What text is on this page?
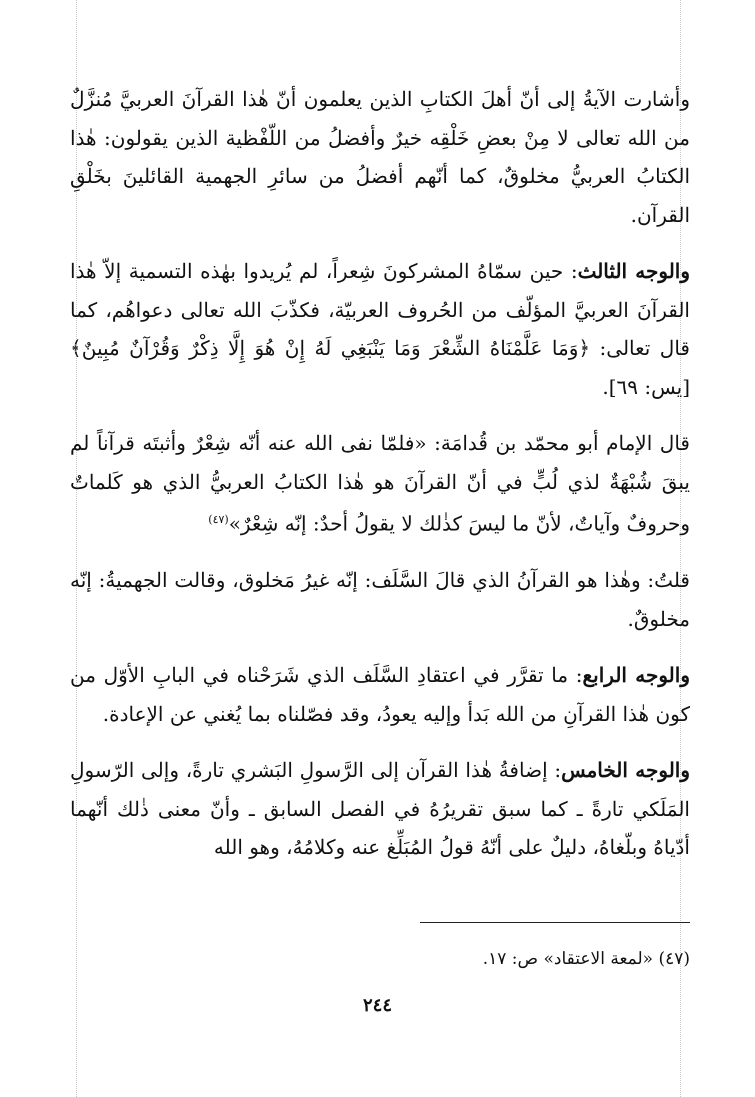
وأشارت الآيةُ إلى أنّ أهلَ الكتابِ الذين يعلمون أنّ هٰذا القرآنَ العربيَّ مُنزَّلٌ من الله تعالى لا مِنْ بعضِ خَلْقِه خيرٌ وأفضلُ من اللّفْظية الذين يقولون: هٰذا الكتابُ العربيُّ مخلوقٌ، كما أنّهم أفضلُ من سائرِ الجهمية القائلينَ بخَلْقِ القرآن.

والوجه الثالث: حين سمّاهُ المشركونَ شِعراً، لم يُريدوا بهٰذه التسمية إلاّ هٰذا القرآنَ العربيَّ المؤلّف من الحُروف العربيّة، فكذّبَ الله تعالى دعواهُم، كما قال تعالى: ﴿وَمَا عَلَّمْنَاهُ الشِّعْرَ وَمَا يَنْبَغِي لَهُ إِنْ هُوَ إِلَّا ذِكْرٌ وَقُرْآنٌ مُبِينٌ﴾ [يس: ٦٩].

قال الإمام أبو محمّد بن قُدامَة: «فلمّا نفى الله عنه أنّه شِعْرٌ وأثبتَه قرآناً لم يبقَ شُبْهَةٌ لذي لُبٍّ في أنّ القرآنَ هو هٰذا الكتابُ العربيُّ الذي هو كَلماتٌ وحروفٌ وآياتٌ، لأنّ ما ليسَ كذٰلك لا يقولُ أحدٌ: إنّه شِعْرٌ»$^{(٤٧)}$

قلتُ: وهٰذا هو القرآنُ الذي قالَ السَّلَف: إنّه غيرُ مَخلوق، وقالت الجهميةُ: إنّه مخلوقٌ.

والوجه الرابع: ما تقرَّر في اعتقادِ السَّلَف الذي شَرَحْناه في البابِ الأوّل من كون هٰذا القرآنِ من الله بَدأ وإليه يعودُ، وقد فصّلناه بما يُغني عن الإعادة.

والوجه الخامس: إضافةُ هٰذا القرآن إلى الرَّسولِ البَشري تارةً، وإلى الرّسولِ المَلَكي تارةً ـ كما سبق تقريرُهُ في الفصل السابق ـ وأنّ معنى ذٰلك أنّهما أدّياهُ وبلّغاهُ، دليلٌ على أنّهُ قولُ المُبَلِّغ عنه وكلامُهُ، وهو الله

(٤٧) «لمعة الاعتقاد» ص: ١٧.
٢٤٤
